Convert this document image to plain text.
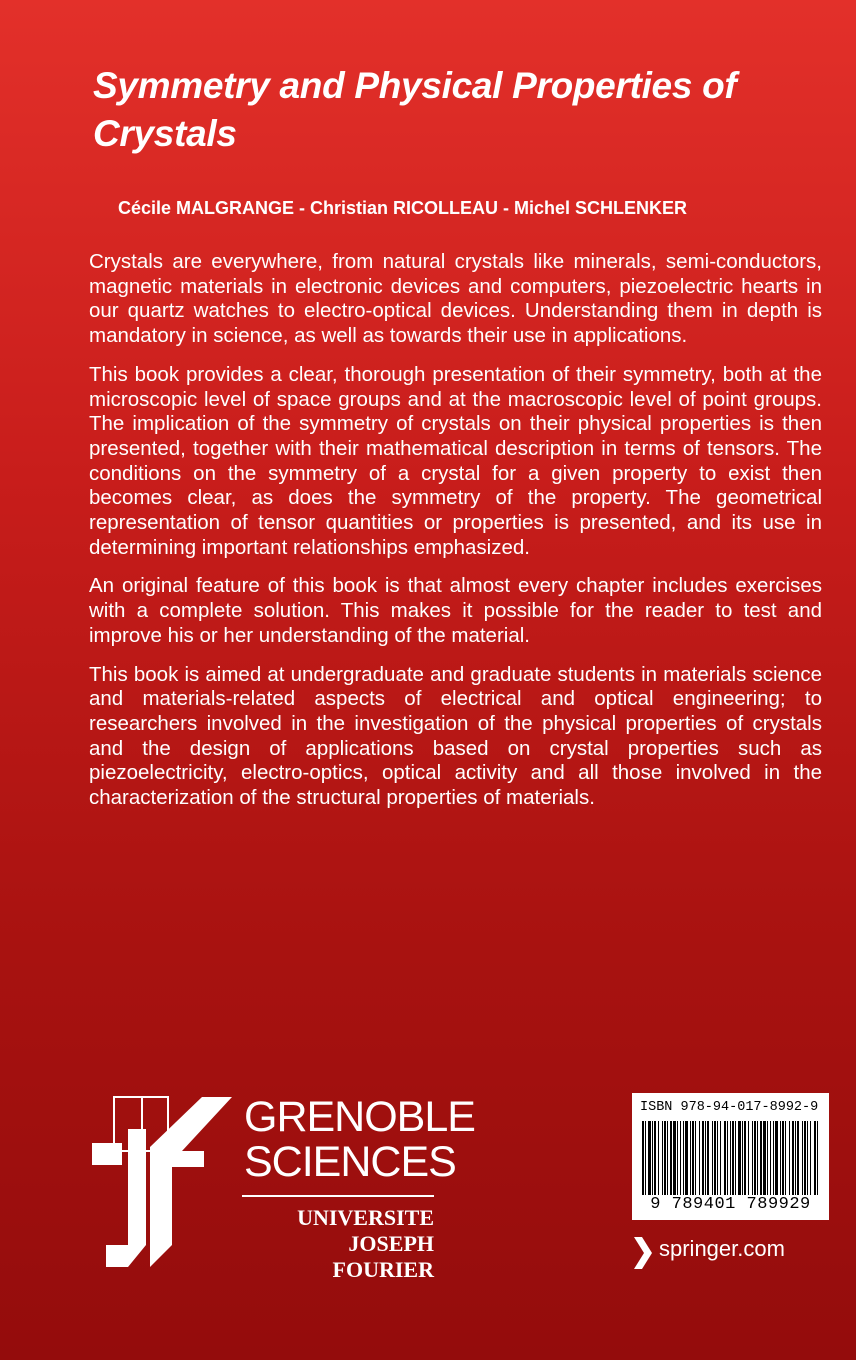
Symmetry and Physical Properties of Crystals

Cécile MALGRANGE - Christian RICOLLEAU - Michel SCHLENKER

Crystals are everywhere, from natural crystals like minerals, semi-conductors, magnetic materials in electronic devices and computers, piezoelectric hearts in our quartz watches to electro-optical devices. Understanding them in depth is mandatory in science, as well as towards their use in applications.

This book provides a clear, thorough presentation of their symmetry, both at the microscopic level of space groups and at the macroscopic level of point groups. The implication of the symmetry of crystals on their physical properties is then presented, together with their mathematical description in terms of tensors. The conditions on the symmetry of a crystal for a given property to exist then becomes clear, as does the symmetry of the property. The geometrical representation of tensor quantities or properties is presented, and its use in determining important relationships emphasized.

An original feature of this book is that almost every chapter includes exercises with a complete solution. This makes it possible for the reader to test and improve his or her understanding of the material.

This book is aimed at undergraduate and graduate students in materials science and materials-related aspects of electrical and optical engineering; to researchers involved in the investigation of the physical properties of crystals and the design of applications based on crystal properties such as piezoelectricity, electro-optics, optical activity and all those involved in the characterization of the structural properties of materials.

GRENOBLE
SCIENCES
UNIVERSITE
JOSEPH FOURIER
ISBN 978-94-017-8992-9
9 789401 789929
springer.com
